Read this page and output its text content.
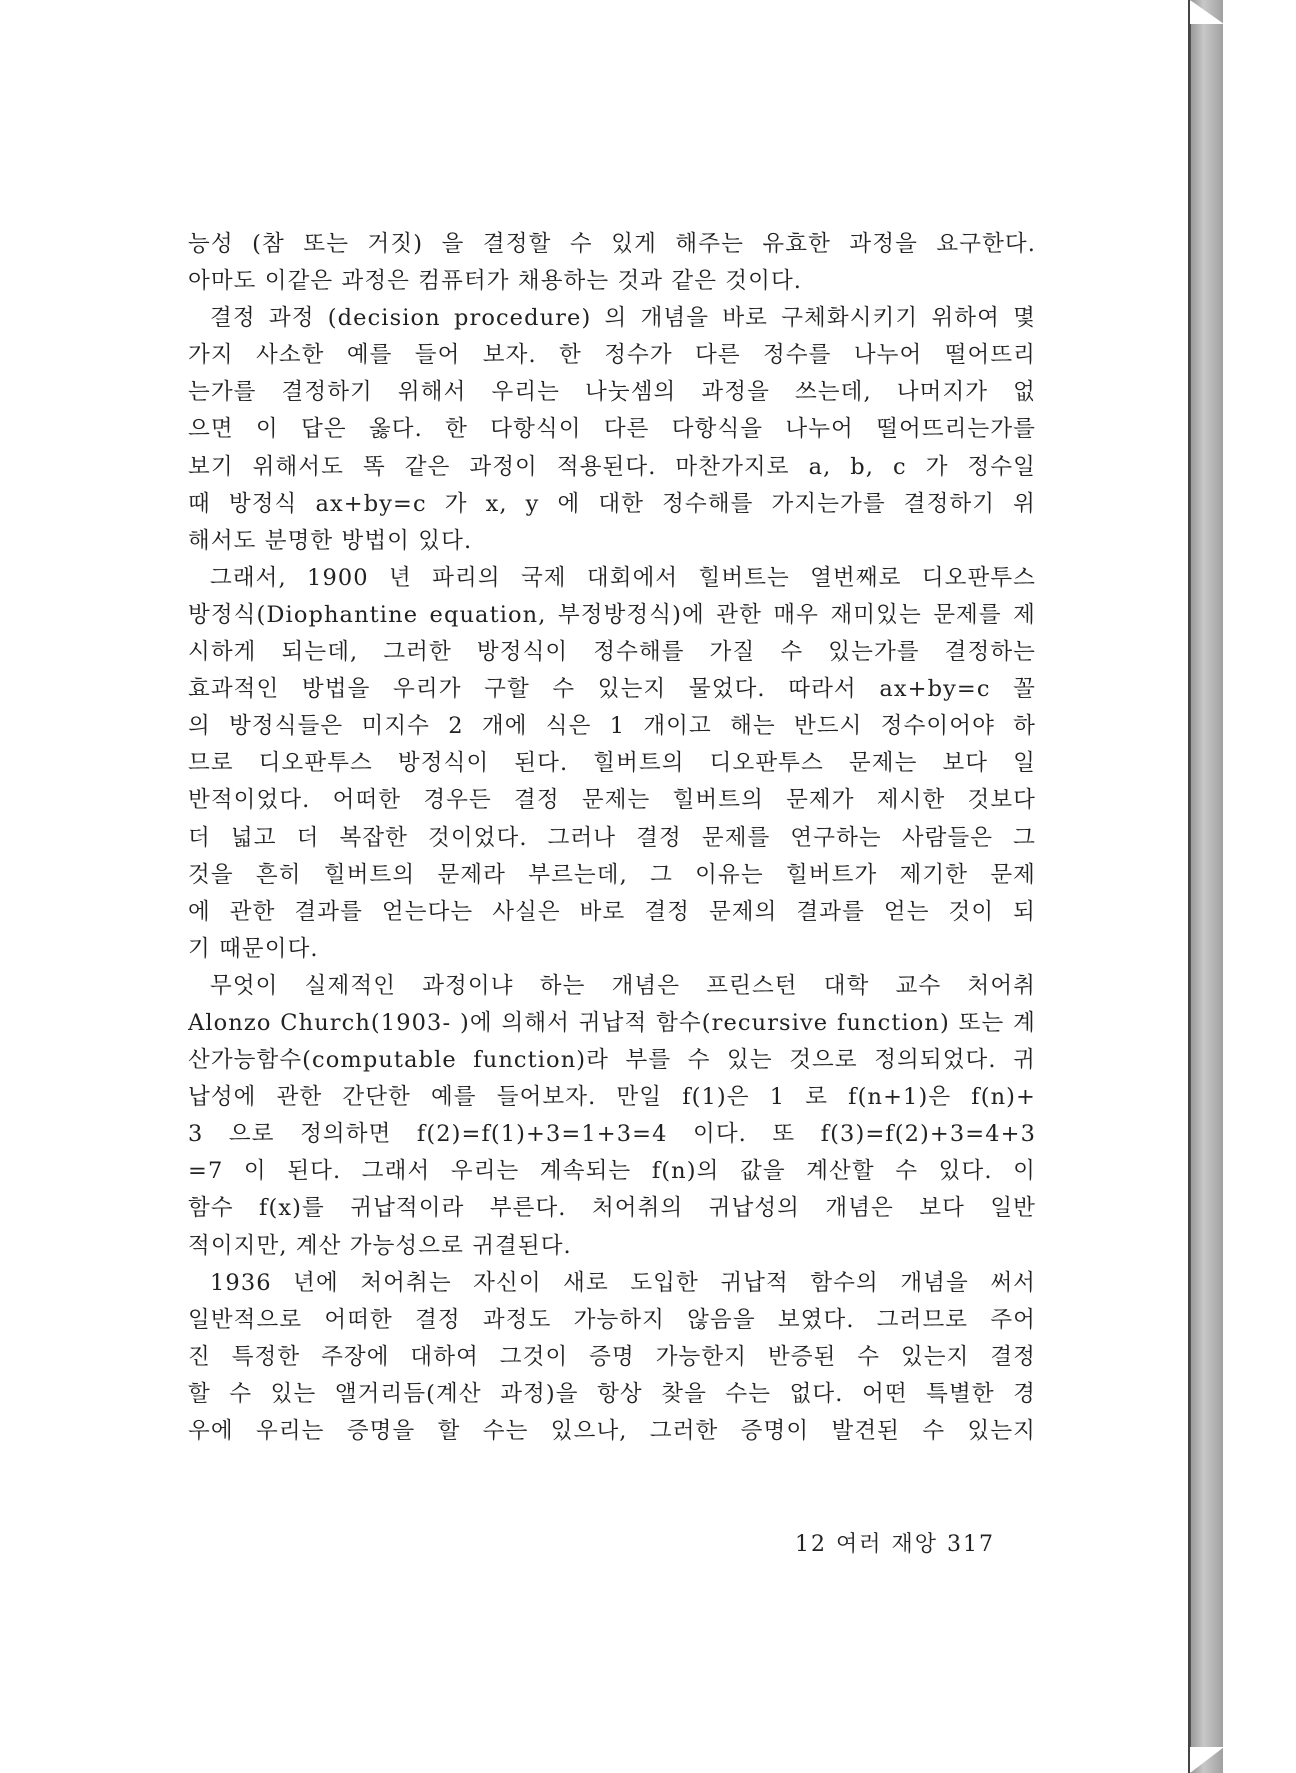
능성 (참 또는 거짓) 을 결정할 수 있게 해주는 유효한 과정을 요구한다.
아마도 이같은 과정은 컴퓨터가 채용하는 것과 같은 것이다.
결정 과정 (decision procedure) 의 개념을 바로 구체화시키기 위하여 몇
가지 사소한 예를 들어 보자. 한 정수가 다른 정수를 나누어 떨어뜨리
는가를 결정하기 위해서 우리는 나눗셈의 과정을 쓰는데, 나머지가 없
으면 이 답은 옳다. 한 다항식이 다른 다항식을 나누어 떨어뜨리는가를
보기 위해서도 똑 같은 과정이 적용된다. 마찬가지로 a, b, c 가 정수일
때 방정식 ax+by=c 가 x, y 에 대한 정수해를 가지는가를 결정하기 위
해서도 분명한 방법이 있다.
그래서, 1900 년 파리의 국제 대회에서 힐버트는 열번째로 디오판투스
방정식(Diophantine equation, 부정방정식)에 관한 매우 재미있는 문제를 제
시하게 되는데, 그러한 방정식이 정수해를 가질 수 있는가를 결정하는
효과적인 방법을 우리가 구할 수 있는지 물었다. 따라서 ax+by=c 꼴
의 방정식들은 미지수 2 개에 식은 1 개이고 해는 반드시 정수이어야 하
므로 디오판투스 방정식이 된다. 힐버트의 디오판투스 문제는 보다 일
반적이었다. 어떠한 경우든 결정 문제는 힐버트의 문제가 제시한 것보다
더 넓고 더 복잡한 것이었다. 그러나 결정 문제를 연구하는 사람들은 그
것을 흔히 힐버트의 문제라 부르는데, 그 이유는 힐버트가 제기한 문제
에 관한 결과를 얻는다는 사실은 바로 결정 문제의 결과를 얻는 것이 되
기 때문이다.
무엇이 실제적인 과정이냐 하는 개념은 프린스턴 대학 교수 처어취
Alonzo Church(1903- )에 의해서 귀납적 함수(recursive function) 또는 계
산가능함수(computable function)라 부를 수 있는 것으로 정의되었다. 귀
납성에 관한 간단한 예를 들어보자. 만일 f(1)은 1 로 f(n+1)은 f(n)+
3 으로 정의하면 f(2)=f(1)+3=1+3=4 이다. 또 f(3)=f(2)+3=4+3
=7 이 된다. 그래서 우리는 계속되는 f(n)의 값을 계산할 수 있다. 이
함수 f(x)를 귀납적이라 부른다. 처어취의 귀납성의 개념은 보다 일반
적이지만, 계산 가능성으로 귀결된다.
1936 년에 처어취는 자신이 새로 도입한 귀납적 함수의 개념을 써서
일반적으로 어떠한 결정 과정도 가능하지 않음을 보였다. 그러므로 주어
진 특정한 주장에 대하여 그것이 증명 가능한지 반증된 수 있는지 결정
할 수 있는 앨거리듬(계산 과정)을 항상 찾을 수는 없다. 어떤 특별한 경
우에 우리는 증명을 할 수는 있으나, 그러한 증명이 발견된 수 있는지
12 여러 재앙 317
